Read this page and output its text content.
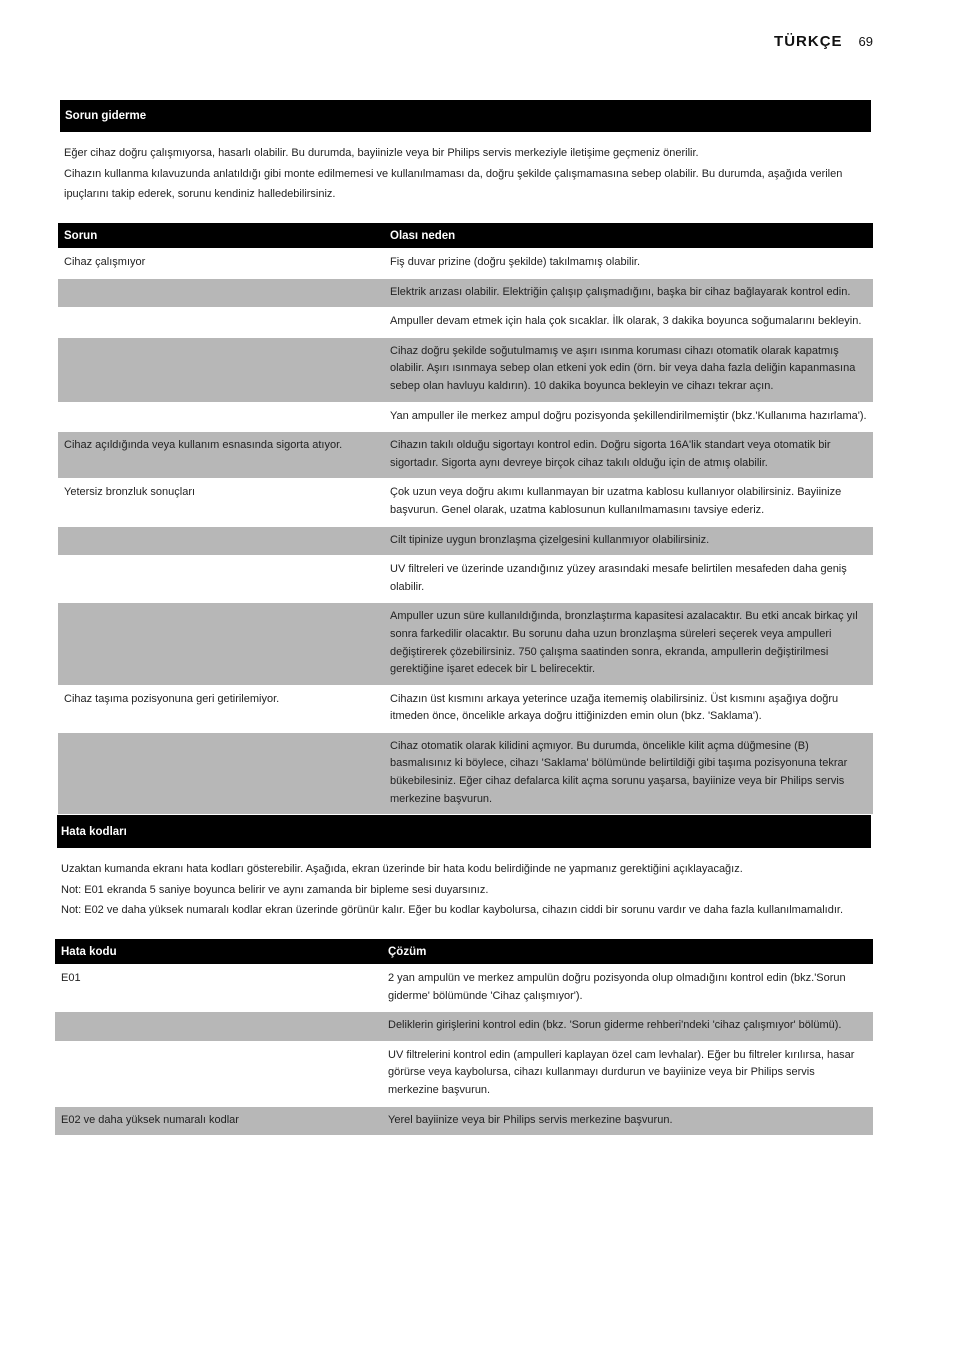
TÜRKÇE 69
Sorun giderme

Eğer cihaz doğru çalışmıyorsa, hasarlı olabilir. Bu durumda, bayiinizle veya bir Philips servis merkeziyle iletişime geçmeniz önerilir.

Cihazın kullanma kılavuzunda anlatıldığı gibi monte edilmemesi ve kullanılmaması da, doğru şekilde çalışmamasına sebep olabilir. Bu durumda, aşağıda verilen ipuçlarını takip ederek, sorunu kendiniz halledebilirsiniz.

Sorun	Olası neden
Cihaz çalışmıyor	Fiş duvar prizine (doğru şekilde) takılmamış olabilir.
	Elektrik arızası olabilir. Elektriğin çalışıp çalışmadığını, başka bir cihaz bağlayarak kontrol edin.
	Ampuller devam etmek için hala çok sıcaklar. İlk olarak, 3 dakika boyunca soğumalarını bekleyin.
	Cihaz doğru şekilde soğutulmamış ve aşırı ısınma koruması cihazı otomatik olarak kapatmış olabilir. Aşırı ısınmaya sebep olan etkeni yok edin (örn. bir veya daha fazla deliğin kapanmasına sebep olan havluyu kaldırın). 10 dakika boyunca bekleyin ve cihazı tekrar açın.
	Yan ampuller ile merkez ampul doğru pozisyonda şekillendirilmemiştir (bkz.'Kullanıma hazırlama').
Cihaz açıldığında veya kullanım esnasında sigorta atıyor.	Cihazın takılı olduğu sigortayı kontrol edin. Doğru sigorta 16A'lik standart veya otomatik bir sigortadır. Sigorta aynı devreye birçok cihaz takılı olduğu için de atmış olabilir.
Yetersiz bronzluk sonuçları	Çok uzun veya doğru akımı kullanmayan bir uzatma kablosu kullanıyor olabilirsiniz. Bayiinize başvurun. Genel olarak, uzatma kablosunun kullanılmamasını tavsiye ederiz.
	Cilt tipinize uygun bronzlaşma çizelgesini kullanmıyor olabilirsiniz.
	UV filtreleri ve üzerinde uzandığınız yüzey arasındaki mesafe belirtilen mesafeden daha geniş olabilir.
	Ampuller uzun süre kullanıldığında, bronzlaştırma kapasitesi azalacaktır. Bu etki ancak birkaç yıl sonra farkedilir olacaktır. Bu sorunu daha uzun bronzlaşma süreleri seçerek veya ampulleri değiştirerek çözebilirsiniz. 750 çalışma saatinden sonra, ekranda, ampullerin değiştirilmesi gerektiğine işaret edecek bir L belirecektir.
Cihaz taşıma pozisyonuna geri getirilemiyor.	Cihazın üst kısmını arkaya yeterince uzağa itememiş olabilirsiniz. Üst kısmını aşağıya doğru itmeden önce, öncelikle arkaya doğru ittiğinizden emin olun (bkz. 'Saklama').
	Cihaz otomatik olarak kilidini açmıyor. Bu durumda, öncelikle kilit açma düğmesine (B) basmalısınız ki böylece, cihazı 'Saklama' bölümünde belirtildiği gibi taşıma pozisyonuna tekrar bükebilesiniz. Eğer cihaz defalarca kilit açma sorunu yaşarsa, bayiinize veya bir Philips servis merkezine başvurun.
Hata kodları

Uzaktan kumanda ekranı hata kodları gösterebilir. Aşağıda, ekran üzerinde bir hata kodu belirdiğinde ne yapmanız gerektiğini açıklayacağız.

Not: E01 ekranda 5 saniye boyunca belirir ve aynı zamanda bir bipleme sesi duyarsınız.

Not: E02 ve daha yüksek numaralı kodlar ekran üzerinde görünür kalır. Eğer bu kodlar kaybolursa, cihazın ciddi bir sorunu vardır ve daha fazla kullanılmamalıdır.

Hata kodu	Çözüm
E01	2 yan ampulün ve merkez ampulün doğru pozisyonda olup olmadığını kontrol edin (bkz.'Sorun giderme' bölümünde 'Cihaz çalışmıyor').
	Deliklerin girişlerini kontrol edin (bkz. 'Sorun giderme rehberi'ndeki 'cihaz çalışmıyor' bölümü).
	UV filtrelerini kontrol edin (ampulleri kaplayan özel cam levhalar). Eğer bu filtreler kırılırsa, hasar görürse veya kaybolursa, cihazı kullanmayı durdurun ve bayiinize veya bir Philips servis merkezine başvurun.
E02 ve daha yüksek numaralı kodlar	Yerel bayiinize veya bir Philips servis merkezine başvurun.
